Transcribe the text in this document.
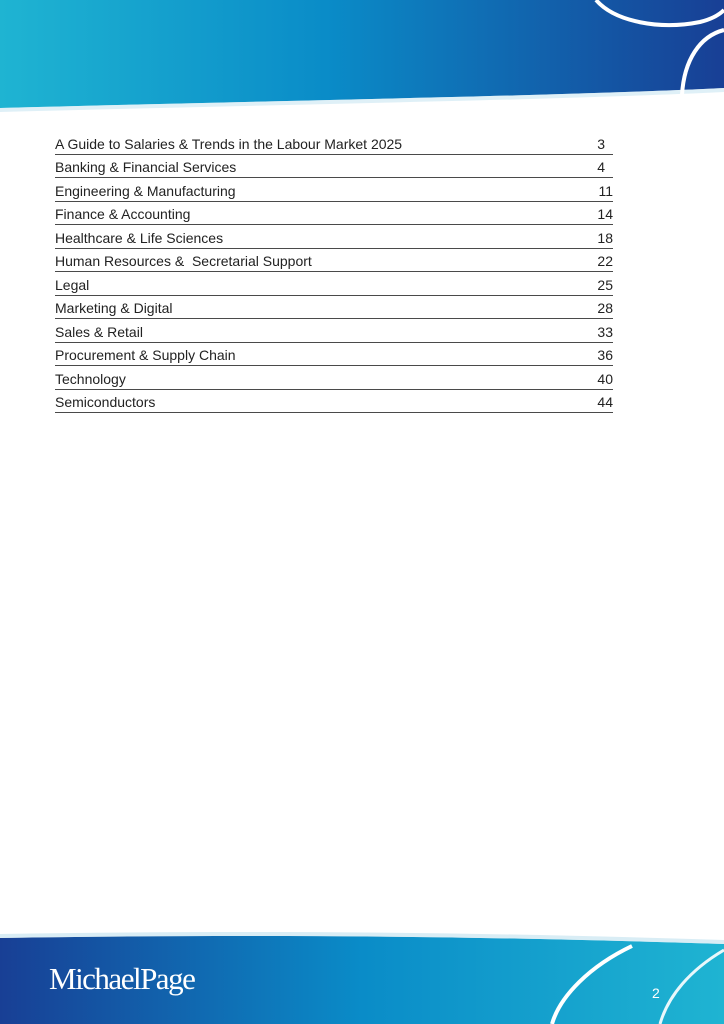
A Guide to Salaries & Trends in the Labour Market 2025	3
Banking & Financial Services	4
Engineering & Manufacturing	11
Finance & Accounting	14
Healthcare & Life Sciences	18
Human Resources &  Secretarial Support	22
Legal	25
Marketing & Digital	28
Sales & Retail	33
Procurement & Supply Chain	36
Technology	40
Semiconductors	44
MichaelPage	2
